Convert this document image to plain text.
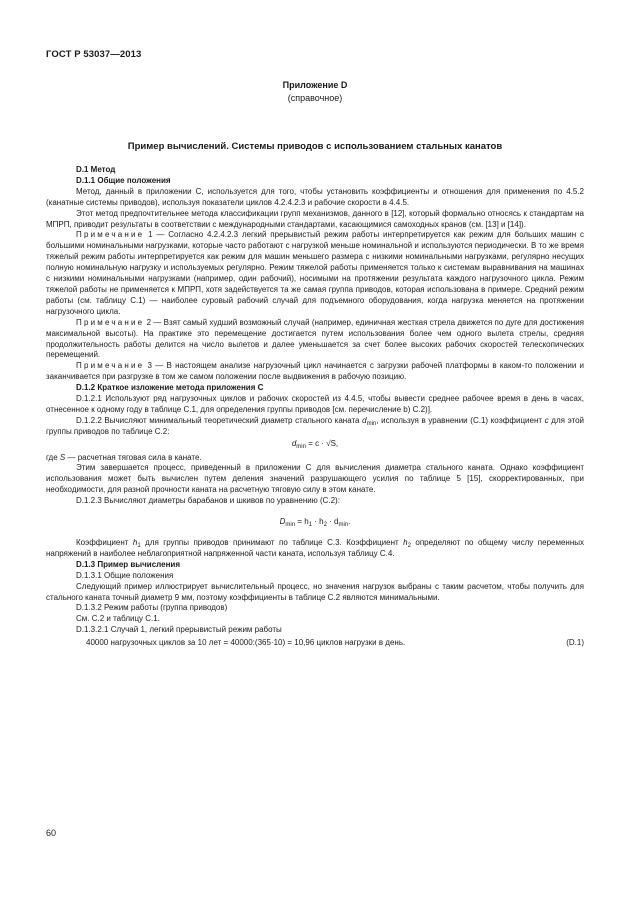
ГОСТ Р 53037—2013
Приложение D
(справочное)
Пример вычислений. Системы приводов с использованием стальных канатов

D.1 Метод

D.1.1 Общие положения

Метод, данный в приложении С, используется для того, чтобы установить коэффициенты и отношения для применения по 4.5.2 (канатные системы приводов), используя показатели циклов 4.2.4.2.3 и рабочие скорости в 4.4.5.

Этот метод предпочтительнее метода классификации групп механизмов, данного в [12], который формально относясь к стандартам на МПРП, приводит результаты в соответствии с международными стандартами, касающимися самоходных кранов (см. [13] и [14]).

Примечание 1 — Согласно 4.2.4.2.3 легкий прерывистый режим работы интерпретируется как режим для больших машин с большими номинальными нагрузками, которые часто работают с нагрузкой меньше номинальной и используются периодически. В то же время тяжелый режим работы интерпретируется как режим для машин меньшего размера с низкими номинальными нагрузками, регулярно несущих полную номинальную нагрузку и используемых регулярно. Режим тяжелой работы применяется только к системам выравнивания на машинах с низкими номинальными нагрузками (например, один рабочий), носимыми на протяжении результата каждого нагрузочного цикла. Режим тяжелой работы не применяется к МПРП, хотя задействуется та же самая группа приводов, которая использована в примере. Средний режим работы (см. таблицу С.1) — наиболее суровый рабочий случай для подъемного оборудования, когда нагрузка меняется на протяжении нагрузочного цикла.

Примечание 2 — Взят самый худший возможный случай (например, единичная жесткая стрела движется по дуге для достижения максимальной высоты). На практике это перемещение достигается путем использования более чем одного вылета стрелы, средняя продолжительность работы делится на число вылетов и далее уменьшается за счет более высоких рабочих скоростей телескопических перемещений.

Примечание 3 — В настоящем анализе нагрузочный цикл начинается с загрузки рабочей платформы в каком-то положении и заканчивается при разгрузке в том же самом положении после выдвижения в рабочую позицию.

D.1.2 Краткое изложение метода приложения С

D.1.2.1 Используют ряд нагрузочных циклов и рабочих скоростей из 4.4.5, чтобы вывести среднее рабочее время в день в часах, отнесенное к одному году в таблице С.1, для определения группы приводов [см. перечисление b) С.2)].

D.1.2.2 Вычисляют минимальный теоретический диаметр стального каната $d_{min}$, используя в уравнении (С.1) коэффициент c для этой группы приводов по таблице С.2:

$d_{min} = c \cdot √S$,

где S — расчетная тяговая сила в канате.

Этим завершается процесс, приведенный в приложении С для вычисления диаметра стального каната. Однако коэффициент использования может быть вычислен путем деления значений разрушающего усилия по таблице 5 [15], скорректированных, при необходимости, для разной прочности каната на расчетную тяговую силу в этом канате.

D.1.2.3 Вычисляют диаметры барабанов и шкивов по уравнению (С.2):

$D_{min} = h_1 \cdot h_2 \cdot d_{min}$.

Коэффициент $h_1$ для группы приводов принимают по таблице С.3. Коэффициент $h_2$ определяют по общему числу переменных напряжений в наиболее неблагоприятной напряженной части каната, используя таблицу С.4.

D.1.3 Пример вычисления

D.1.3.1 Общие положения

Следующий пример иллюстрирует вычислительный процесс, но значения нагрузок выбраны с таким расчетом, чтобы получить для стального каната точный диаметр 9 мм, поэтому коэффициенты в таблице С.2 являются минимальными.

D.1.3.2 Режим работы (группа приводов)

См. С.2 и таблицу С.1.

D.1.3.2.1 Случай 1, легкий прерывистый режим работы

40000 нагрузочных циклов за 10 лет = 40000:(365·10) = 10,96 циклов нагрузки в день.	(D.1)
60
